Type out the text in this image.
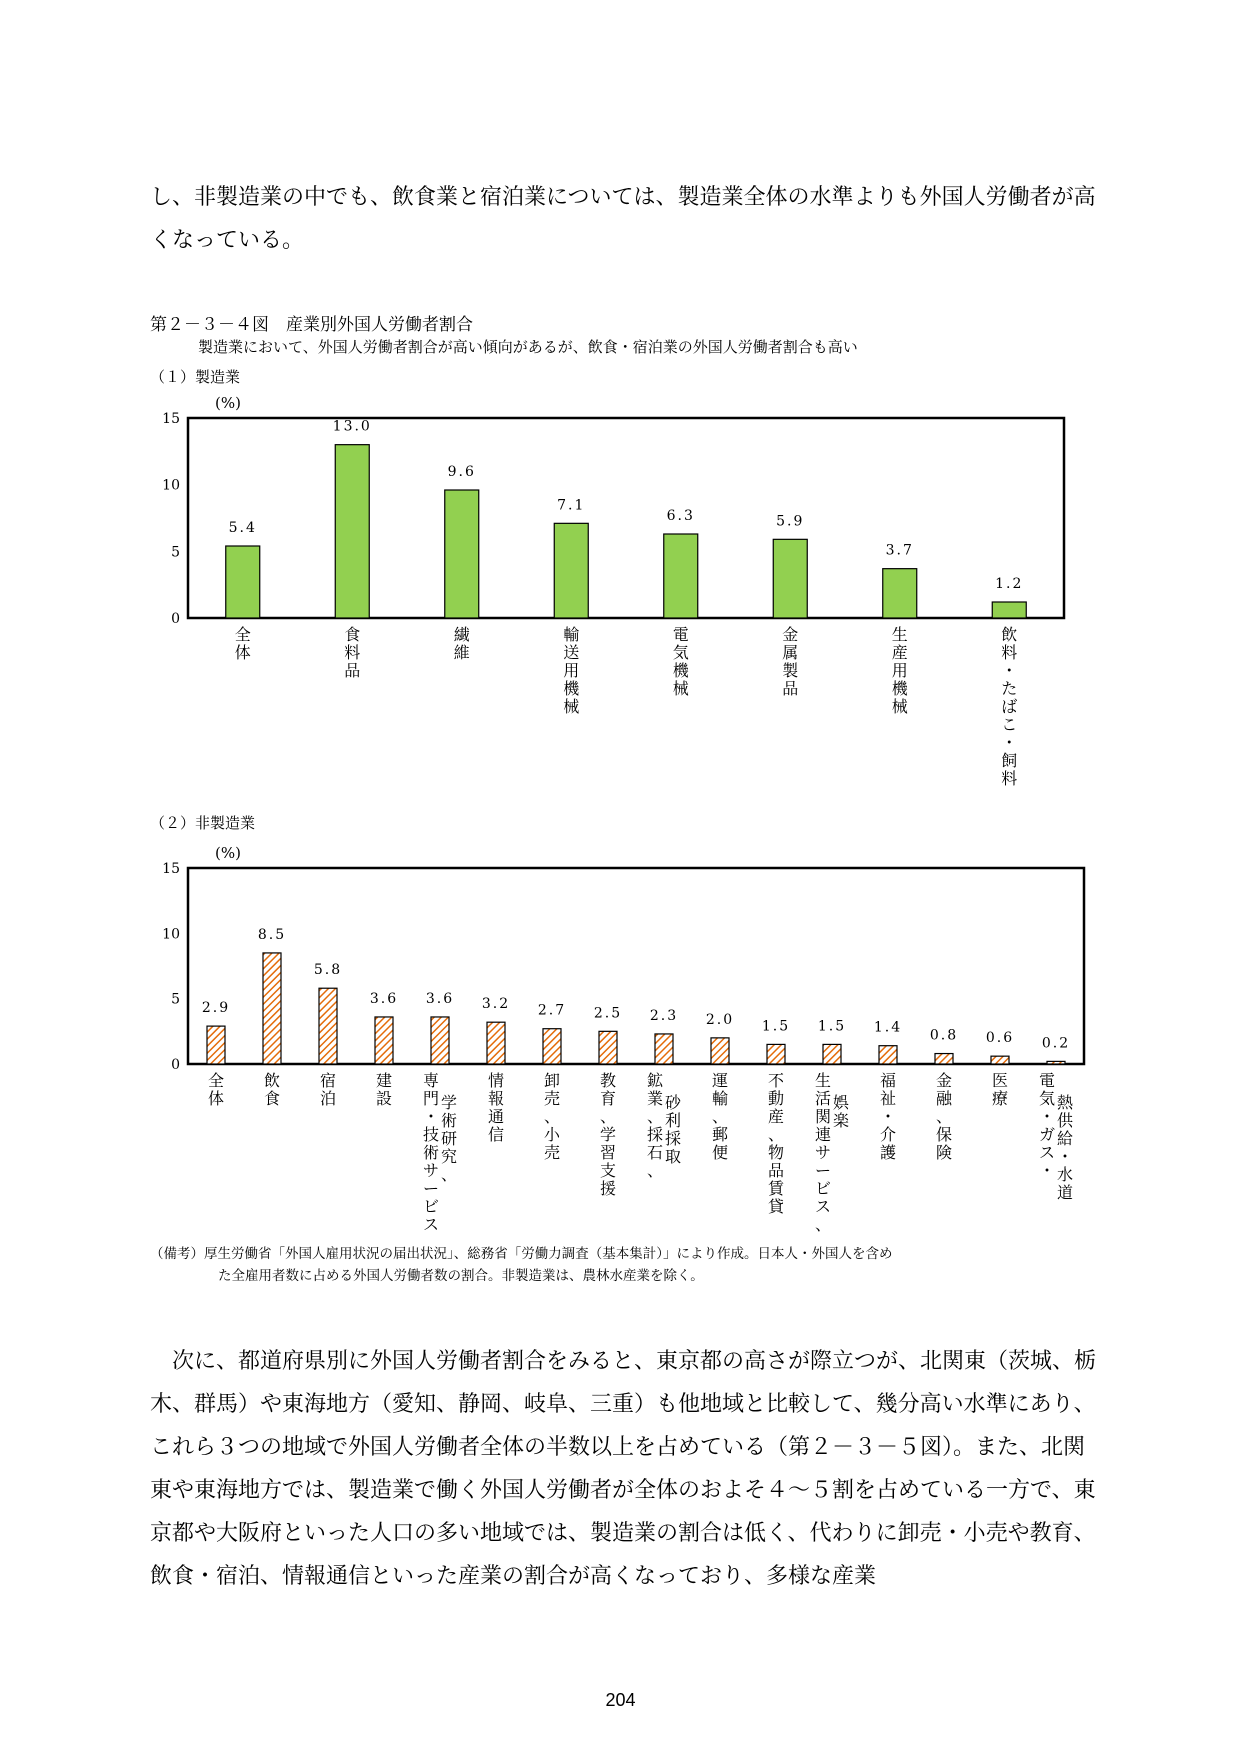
し、非製造業の中でも、飲食業と宿泊業については、製造業全体の水準よりも外国人労働者が高くなっている。

第２－３－４図　産業別外国人労働者割合
製造業において、外国人労働者割合が高い傾向があるが、飲食・宿泊業の外国人労働者割合も高い
（１）製造業
0
5
10
15
(%)
5.4
全体
13.0
食料品
9.6
繊維
7.1
輸送用機械
6.3
電気機械
5.9
金属製品
3.7
生産用機械
1.2
飲料・たばこ・飼料
（２）非製造業
0
5
10
15
(%)
2.9
全体
8.5
飲食
5.8
宿泊
3.6
建設
3.6
専門・技術サービス
学術研究、
3.2
情報通信
2.7
卸売、小売
2.5
教育、学習支援
2.3
鉱業、採石、
砂利採取
2.0
運輸、郵便
1.5
不動産、物品賃貸
1.5
生活関連サービス、
娯楽
1.4
福祉・介護
0.8
金融、保険
0.6
医療
0.2
電気・ガス・
熱供給・水道
（備考）厚生労働省「外国人雇用状況の届出状況」、総務省「労働力調査（基本集計）」により作成。日本人・外国人を含め
た全雇用者数に占める外国人労働者数の割合。非製造業は、農林水産業を除く。

次に、都道府県別に外国人労働者割合をみると、東京都の高さが際立つが、北関東（茨城、栃木、群馬）や東海地方（愛知、静岡、岐阜、三重）も他地域と比較して、幾分高い水準にあり、これら３つの地域で外国人労働者全体の半数以上を占めている（第２－３－５図）。また、北関東や東海地方では、製造業で働く外国人労働者が全体のおよそ４～５割を占めている一方で、東京都や大阪府といった人口の多い地域では、製造業の割合は低く、代わりに卸売・小売や教育、飲食・宿泊、情報通信といった産業の割合が高くなっており、多様な産業

204
